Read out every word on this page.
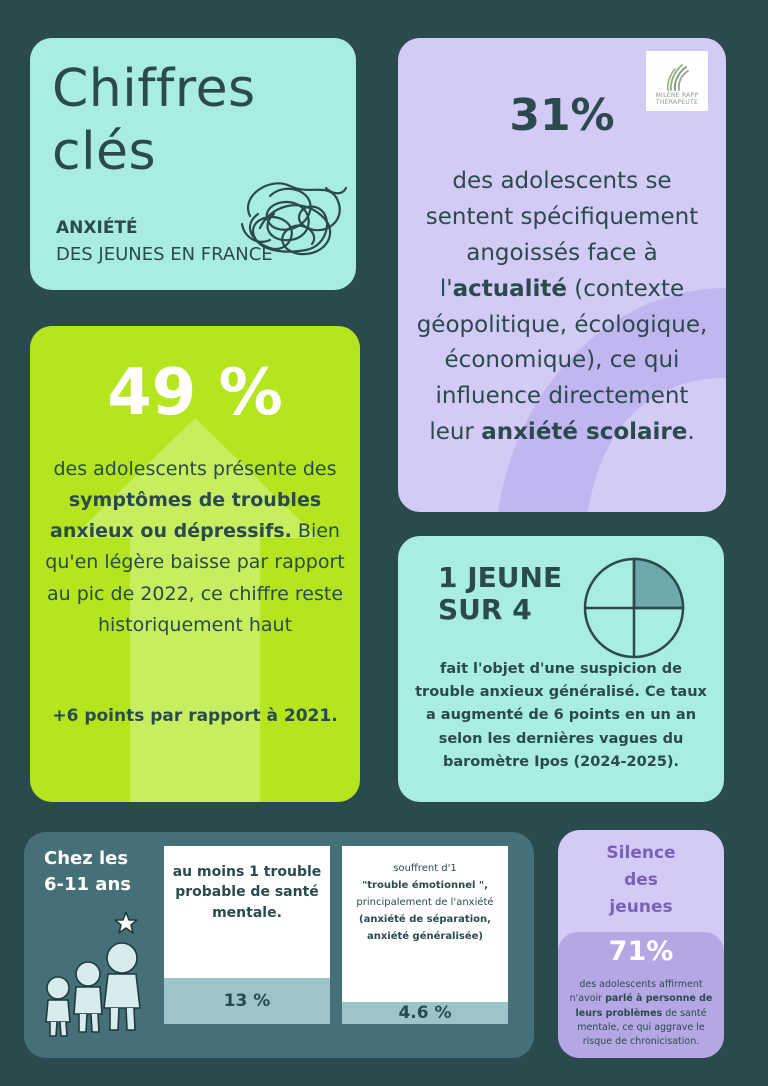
Chiffres
clés
ANXIÉTÉ
DES JEUNES EN FRANCE
MILÈNE RAPP THÉRAPEUTE
31%
des adolescents se sentent spécifiquement angoissés face à l'actualité (contexte géopolitique, écologique, économique), ce qui influence directement leur anxiété scolaire.
49 %
des adolescents présente des symptômes de troubles anxieux ou dépressifs. Bien qu'en légère baisse par rapport au pic de 2022, ce chiffre reste historiquement haut
+6 points par rapport à 2021.
1 JEUNE
SUR 4
fait l'objet d'une suspicion de trouble anxieux généralisé. Ce taux a augmenté de 6 points en un an selon les dernières vagues du baromètre Ipos (2024-2025).
Chez les
6-11 ans
au moins 1 trouble probable de santé mentale.
13 %
souffrent d'1
"trouble émotionnel ",
principalement de l'anxiété
(anxiété de séparation, anxiété généralisée)
4.6 %
Silence
des
jeunes
71%
des adolescents affirment n'avoir parlé à personne de leurs problèmes de santé mentale, ce qui aggrave le risque de chronicisation.
